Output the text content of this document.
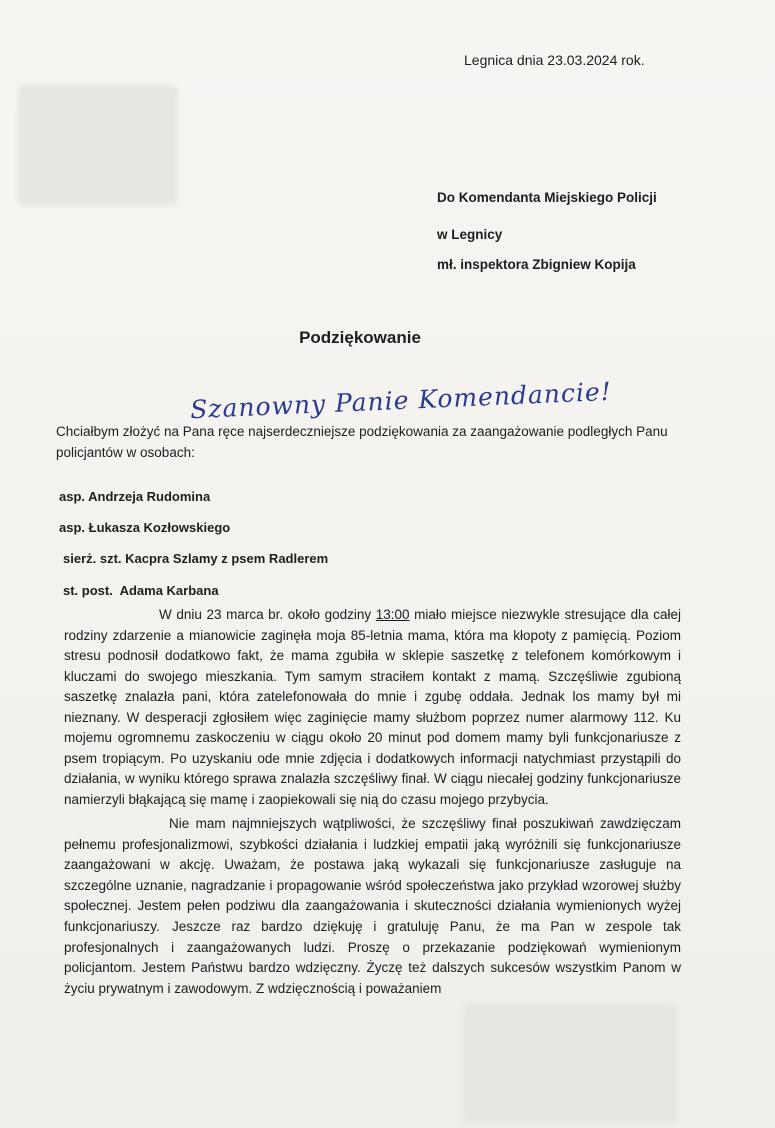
Legnica dnia 23.03.2024 rok.
Do Komendanta Miejskiego Policji
w Legnicy
mł. inspektora Zbigniew Kopija
Podziękowanie
Szanowny Panie Komendancie!
Chciałbym złożyć na Pana ręce najserdeczniejsze podziękowania za zaangażowanie podległych Panu policjantów w osobach:
asp. Andrzeja Rudomina
asp. Łukasza Kozłowskiego
sierż. szt. Kacpra Szlamy z psem Radlerem
st. post.  Adama Karbana
W dniu 23 marca br. około godziny 13:00 miało miejsce niezwykle stresujące dla całej rodziny zdarzenie a mianowicie zaginęła moja 85-letnia mama, która ma kłopoty z pamięcią. Poziom stresu podnosił dodatkowo fakt, że mama zgubiła w sklepie saszetkę z telefonem komórkowym i kluczami do swojego mieszkania. Tym samym straciłem kontakt z mamą. Szczęśliwie zgubioną saszetkę znalazła pani, która zatelefonowała do mnie i zgubę oddała. Jednak los mamy był mi nieznany. W desperacji zgłosiłem więc zaginięcie mamy służbom poprzez numer alarmowy 112. Ku mojemu ogromnemu zaskoczeniu w ciągu około 20 minut pod domem mamy byli funkcjonariusze z psem tropiącym. Po uzyskaniu ode mnie zdjęcia i dodatkowych informacji natychmiast przystąpili do działania, w wyniku którego sprawa znalazła szczęśliwy finał. W ciągu niecałej godziny funkcjonariusze namierzyli błąkającą się mamę i zaopiekowali się nią do czasu mojego przybycia.
Nie mam najmniejszych wątpliwości, że szczęśliwy finał poszukiwań zawdzięczam pełnemu profesjonalizmowi, szybkości działania i ludzkiej empatii jaką wyróżnili się funkcjonariusze zaangażowani w akcję. Uważam, że postawa jaką wykazali się funkcjonariusze zasługuje na szczególne uznanie, nagradzanie i propagowanie wśród społeczeństwa jako przykład wzorowej służby społecznej. Jestem pełen podziwu dla zaangażowania i skuteczności działania wymienionych wyżej funkcjonariuszy. Jeszcze raz bardzo dziękuję i gratuluję Panu, że ma Pan w zespole tak profesjonalnych i zaangażowanych ludzi. Proszę o przekazanie podziękowań wymienionym policjantom. Jestem Państwu bardzo wdzięczny. Życzę też dalszych sukcesów wszystkim Panom w życiu prywatnym i zawodowym. Z wdzięcznością i poważaniem
